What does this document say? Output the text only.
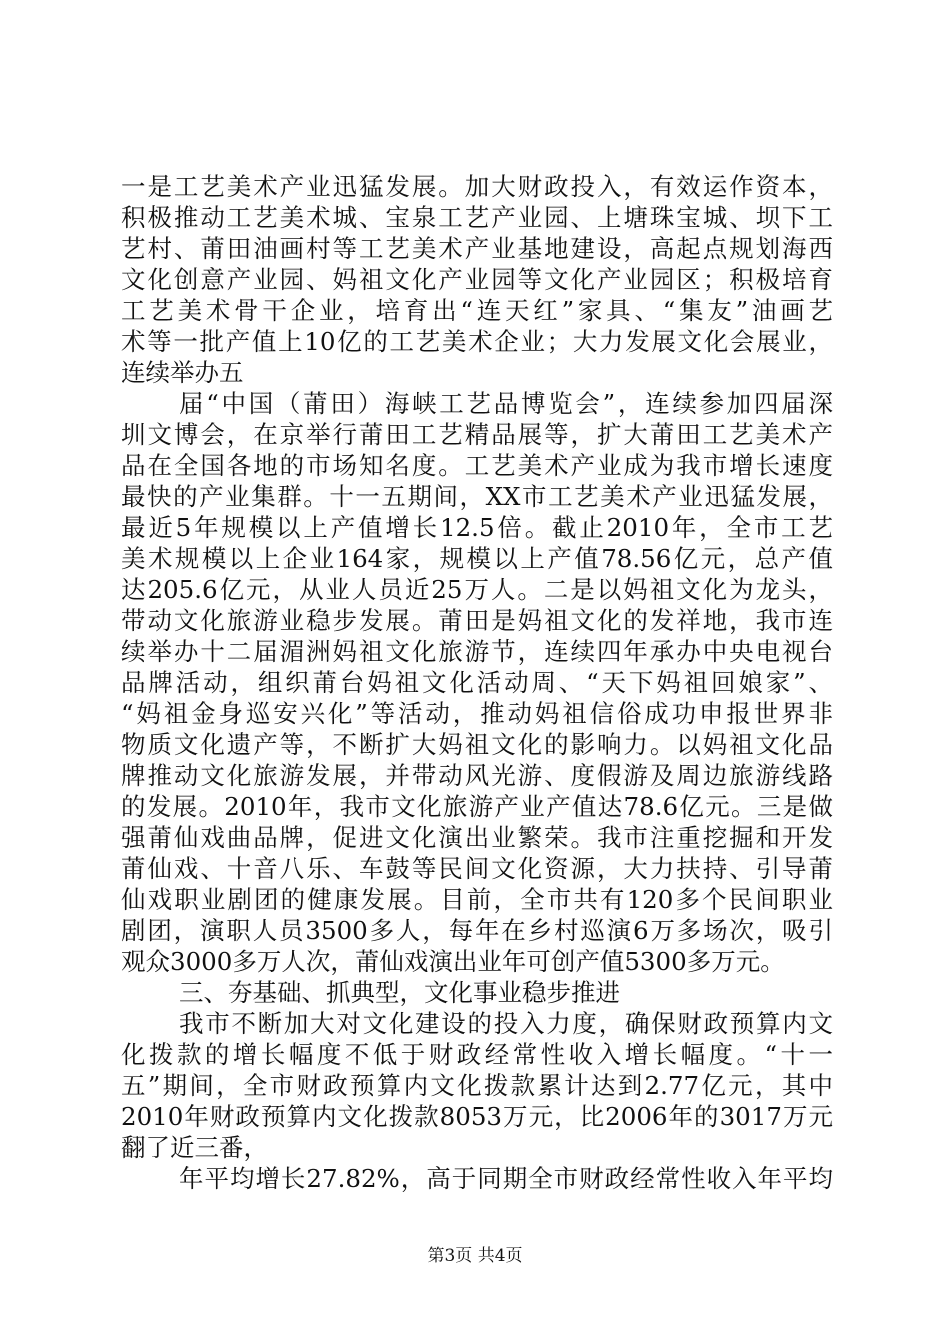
一是工艺美术产业迅猛发展。加大财政投入，有效运作资本，
积极推动工艺美术城、宝泉工艺产业园、上塘珠宝城、坝下工
艺村、莆田油画村等工艺美术产业基地建设，高起点规划海西
文化创意产业园、妈祖文化产业园等文化产业园区；积极培育
工艺美术骨干企业，培育出“连天红”家具、“集友”油画艺
术等一批产值上10亿的工艺美术企业；大力发展文化会展业，
连续举办五
届“中国（莆田）海峡工艺品博览会”，连续参加四届深
圳文博会，在京举行莆田工艺精品展等，扩大莆田工艺美术产
品在全国各地的市场知名度。工艺美术产业成为我市增长速度
最快的产业集群。十一五期间，XX市工艺美术产业迅猛发展，
最近5年规模以上产值增长12.5倍。截止2010年，全市工艺
美术规模以上企业164家，规模以上产值78.56亿元，总产值
达205.6亿元，从业人员近25万人。二是以妈祖文化为龙头，
带动文化旅游业稳步发展。莆田是妈祖文化的发祥地，我市连
续举办十二届湄洲妈祖文化旅游节，连续四年承办中央电视台
品牌活动，组织莆台妈祖文化活动周、“天下妈祖回娘家”、
“妈祖金身巡安兴化”等活动，推动妈祖信俗成功申报世界非
物质文化遗产等，不断扩大妈祖文化的影响力。以妈祖文化品
牌推动文化旅游发展，并带动风光游、度假游及周边旅游线路
的发展。2010年，我市文化旅游产业产值达78.6亿元。三是做
强莆仙戏曲品牌，促进文化演出业繁荣。我市注重挖掘和开发
莆仙戏、十音八乐、车鼓等民间文化资源，大力扶持、引导莆
仙戏职业剧团的健康发展。目前，全市共有120多个民间职业
剧团，演职人员3500多人，每年在乡村巡演6万多场次，吸引
观众3000多万人次，莆仙戏演出业年可创产值5300多万元。
三、夯基础、抓典型，文化事业稳步推进
我市不断加大对文化建设的投入力度，确保财政预算内文
化拨款的增长幅度不低于财政经常性收入增长幅度。“十一
五”期间，全市财政预算内文化拨款累计达到2.77亿元，其中
2010年财政预算内文化拨款8053万元，比2006年的3017万元
翻了近三番，
年平均增长27.82%，高于同期全市财政经常性收入年平均
第3页 共4页
